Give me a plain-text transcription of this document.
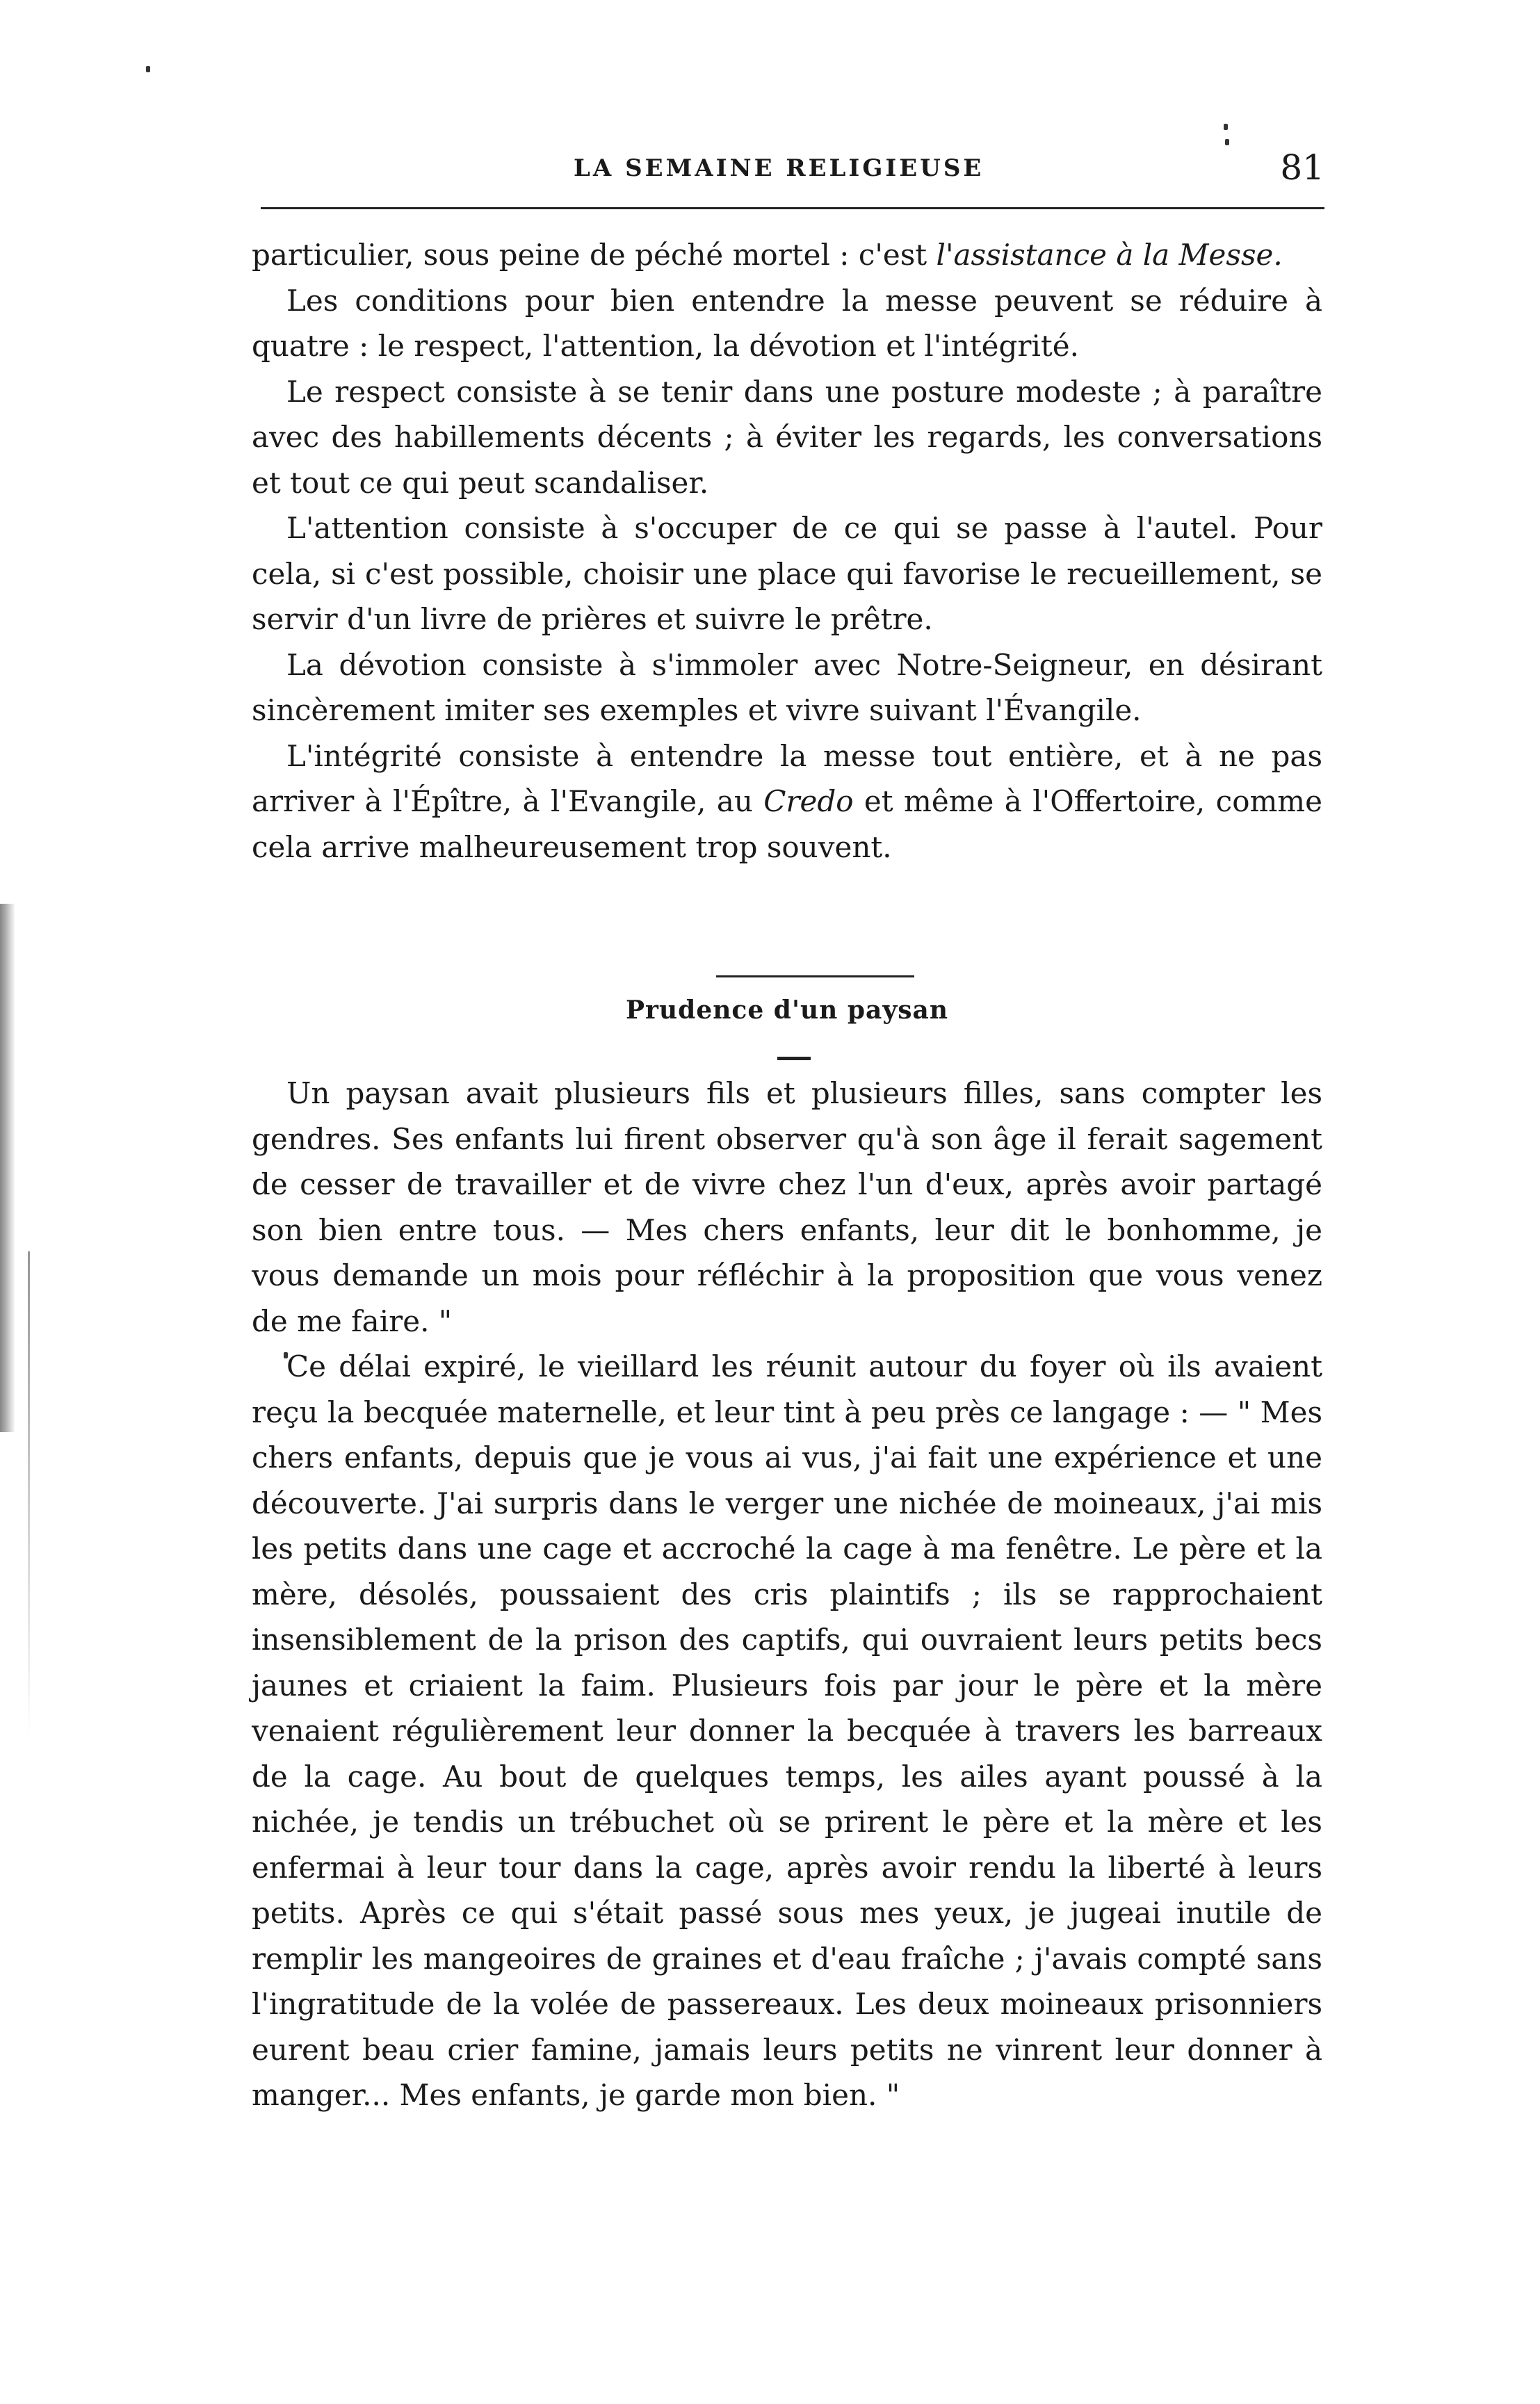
LA SEMAINE RELIGIEUSE	81

particulier, sous peine de péché mortel : c'est l'assistance à la Messe.

Les conditions pour bien entendre la messe peuvent se réduire à quatre : le respect, l'attention, la dévotion et l'intégrité.

Le respect consiste à se tenir dans une posture modeste ; à paraître avec des habillements décents ; à éviter les regards, les conversations et tout ce qui peut scandaliser.

L'attention consiste à s'occuper de ce qui se passe à l'autel. Pour cela, si c'est possible, choisir une place qui favorise le recueillement, se servir d'un livre de prières et suivre le prêtre.

La dévotion consiste à s'immoler avec Notre-Seigneur, en désirant sincèrement imiter ses exemples et vivre suivant l'Évangile.

L'intégrité consiste à entendre la messe tout entière, et à ne pas arriver à l'Épître, à l'Evangile, au Credo et même à l'Offertoire, comme cela arrive malheureusement trop souvent.

Prudence d'un paysan

Un paysan avait plusieurs fils et plusieurs filles, sans compter les gendres. Ses enfants lui firent observer qu'à son âge il ferait sagement de cesser de travailler et de vivre chez l'un d'eux, après avoir partagé son bien entre tous. — Mes chers enfants, leur dit le bonhomme, je vous demande un mois pour réfléchir à la proposition que vous venez de me faire. "

Ce délai expiré, le vieillard les réunit autour du foyer où ils avaient reçu la becquée maternelle, et leur tint à peu près ce langage : — " Mes chers enfants, depuis que je vous ai vus, j'ai fait une expérience et une découverte. J'ai surpris dans le verger une nichée de moineaux, j'ai mis les petits dans une cage et accroché la cage à ma fenêtre. Le père et la mère, désolés, poussaient des cris plaintifs ; ils se rapprochaient insensiblement de la prison des captifs, qui ouvraient leurs petits becs jaunes et criaient la faim. Plusieurs fois par jour le père et la mère venaient régulièrement leur donner la becquée à travers les barreaux de la cage. Au bout de quelques temps, les ailes ayant poussé à la nichée, je tendis un trébuchet où se prirent le père et la mère et les enfermai à leur tour dans la cage, après avoir rendu la liberté à leurs petits. Après ce qui s'était passé sous mes yeux, je jugeai inutile de remplir les mangeoires de graines et d'eau fraîche ; j'avais compté sans l'ingratitude de la volée de passereaux. Les deux moineaux prisonniers eurent beau crier famine, jamais leurs petits ne vinrent leur donner à manger... Mes enfants, je garde mon bien. "
